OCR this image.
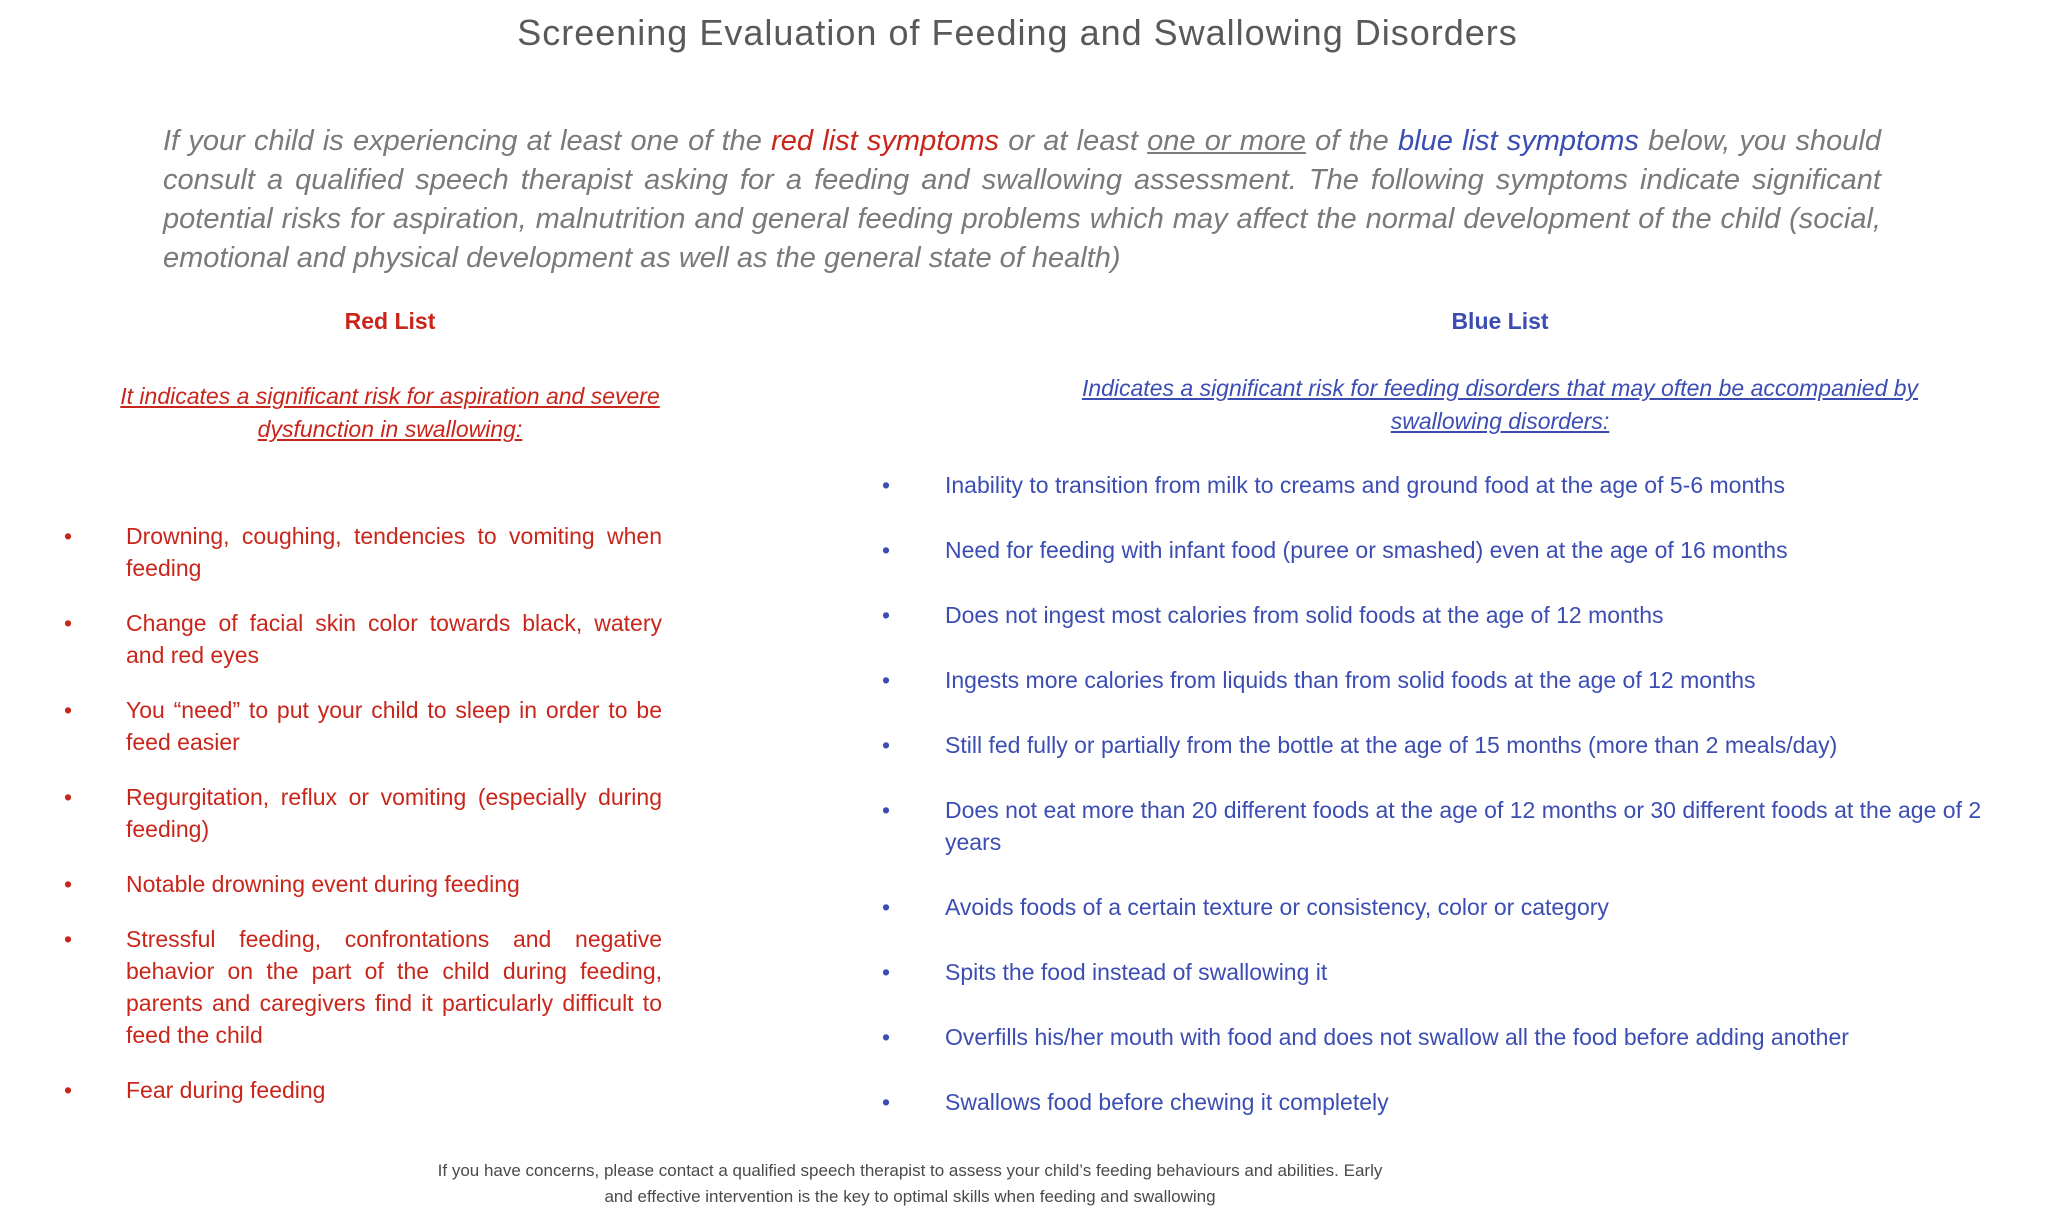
Screening Evaluation of Feeding and Swallowing Disorders

If your child is experiencing at least one of the red list symptoms or at least one or more of the blue list symptoms below, you should consult a qualified speech therapist asking for a feeding and swallowing assessment. The following symptoms indicate significant potential risks for aspiration, malnutrition and general feeding problems which may affect the normal development of the child (social, emotional and physical development as well as the general state of health)

Red List	Blue List
It indicates a significant risk for aspiration and severe dysfunction in swallowing:
Indicates a significant risk for feeding disorders that may often be accompanied by swallowing disorders:
• Drowning, coughing, tendencies to vomiting when feeding
• Change of facial skin color towards black, watery and red eyes
• You “need” to put your child to sleep in order to be feed easier
• Regurgitation, reflux or vomiting (especially during feeding)
• Notable drowning event during feeding
• Stressful feeding, confrontations and negative behavior on the part of the child during feeding, parents and caregivers find it particularly difficult to feed the child
• Fear during feeding
• Inability to transition from milk to creams and ground food at the age of 5-6 months
• Need for feeding with infant food (puree or smashed) even at the age of 16 months
• Does not ingest most calories from solid foods at the age of 12 months
• Ingests more calories from liquids than from solid foods at the age of 12 months
• Still fed fully or partially from the bottle at the age of 15 months (more than 2 meals/day)
• Does not eat more than 20 different foods at the age of 12 months or 30 different foods at the age of 2 years
• Avoids foods of a certain texture or consistency, color or category
• Spits the food instead of swallowing it
• Overfills his/her mouth with food and does not swallow all the food before adding another
• Swallows food before chewing it completely
If you have concerns, please contact a qualified speech therapist to assess your child’s feeding behaviours and abilities. Early
and effective intervention is the key to optimal skills when feeding and swallowing
